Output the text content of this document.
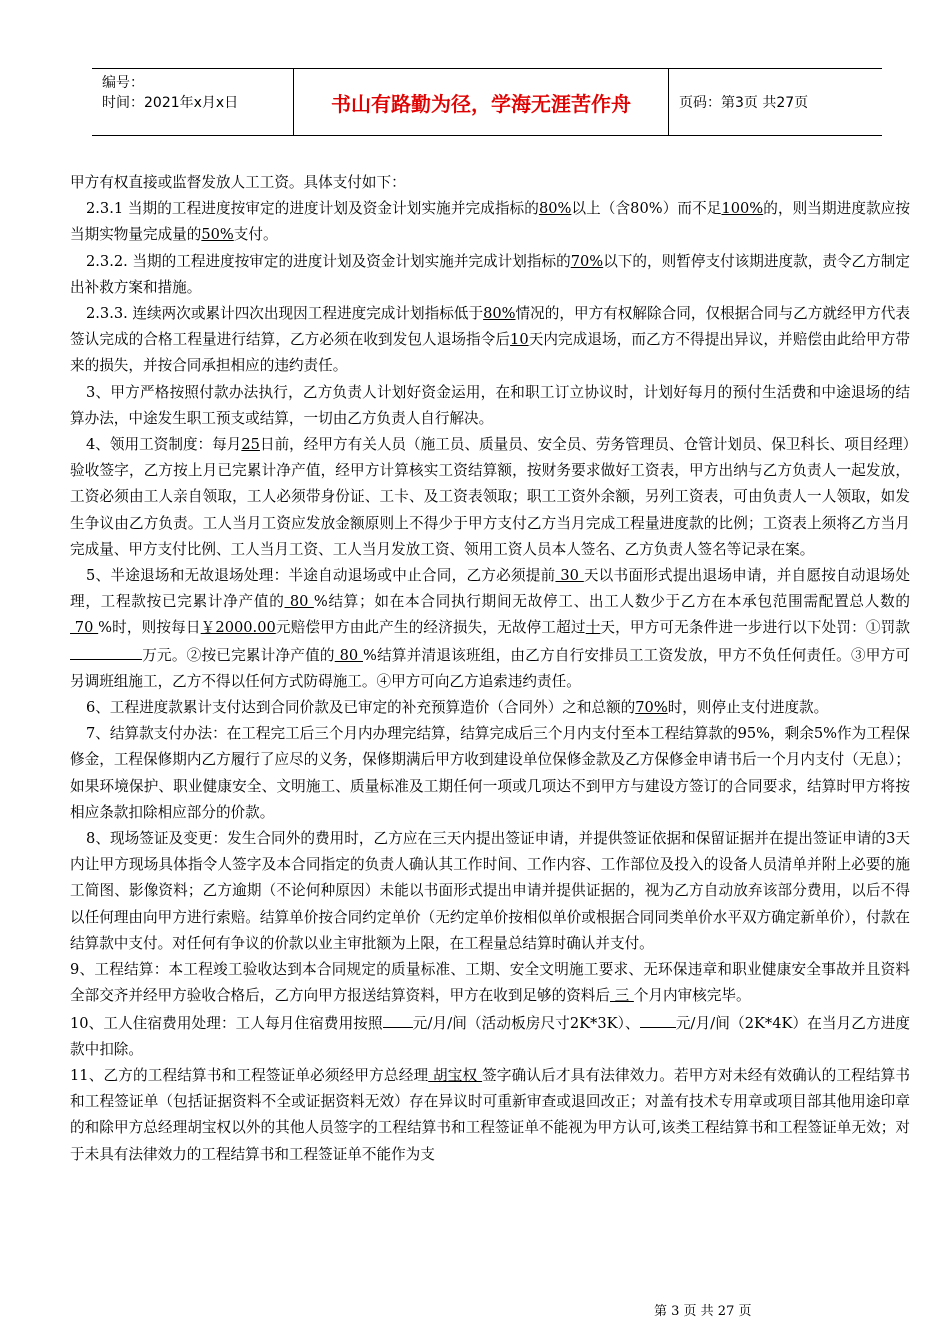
编号：
时间：2021年x月x日	书山有路勤为径，学海无涯苦作舟	页码：第3页 共27页

甲方有权直接或监督发放人工工资。具体支付如下：

2.3.1 当期的工程进度按审定的进度计划及资金计划实施并完成指标的80%以上（含80%）而不足100%的，则当期进度款应按当期实物量完成量的50%支付。

2.3.2. 当期的工程进度按审定的进度计划及资金计划实施并完成计划指标的70%以下的，则暂停支付该期进度款，责令乙方制定出补救方案和措施。

2.3.3. 连续两次或累计四次出现因工程进度完成计划指标低于80%情况的，甲方有权解除合同，仅根据合同与乙方就经甲方代表签认完成的合格工程量进行结算，乙方必须在收到发包人退场指令后10天内完成退场，而乙方不得提出异议，并赔偿由此给甲方带来的损失，并按合同承担相应的违约责任。

3、甲方严格按照付款办法执行，乙方负责人计划好资金运用，在和职工订立协议时，计划好每月的预付生活费和中途退场的结算办法，中途发生职工预支或结算，一切由乙方负责人自行解决。

4、领用工资制度：每月25日前，经甲方有关人员（施工员、质量员、安全员、劳务管理员、仓管计划员、保卫科长、项目经理）验收签字，乙方按上月已完累计净产值，经甲方计算核实工资结算额，按财务要求做好工资表，甲方出纳与乙方负责人一起发放，工资必须由工人亲自领取，工人必须带身份证、工卡、及工资表领取；职工工资外余额，另列工资表，可由负责人一人领取，如发生争议由乙方负责。工人当月工资应发放金额原则上不得少于甲方支付乙方当月完成工程量进度款的比例；工资表上须将乙方当月完成量、甲方支付比例、工人当月工资、工人当月发放工资、领用工资人员本人签名、乙方负责人签名等记录在案。

5、半途退场和无故退场处理：半途自动退场或中止合同，乙方必须提前 30 天以书面形式提出退场申请，并自愿按自动退场处理，工程款按已完累计净产值的 80 %结算；如在本合同执行期间无故停工、出工人数少于乙方在本承包范围需配置总人数的 70 %时，则按每日￥2000.00元赔偿甲方由此产生的经济损失，无故停工超过十天，甲方可无条件进一步进行以下处罚：①罚款万元。②按已完累计净产值的 80 %结算并清退该班组，由乙方自行安排员工工资发放，甲方不负任何责任。③甲方可另调班组施工，乙方不得以任何方式防碍施工。④甲方可向乙方追索违约责任。

6、工程进度款累计支付达到合同价款及已审定的补充预算造价（合同外）之和总额的70%时，则停止支付进度款。

7、结算款支付办法：在工程完工后三个月内办理完结算，结算完成后三个月内支付至本工程结算款的95%，剩余5%作为工程保修金，工程保修期内乙方履行了应尽的义务，保修期满后甲方收到建设单位保修金款及乙方保修金申请书后一个月内支付（无息）；如果环境保护、职业健康安全、文明施工、质量标准及工期任何一项或几项达不到甲方与建设方签订的合同要求，结算时甲方将按相应条款扣除相应部分的价款。

8、现场签证及变更：发生合同外的费用时，乙方应在三天内提出签证申请，并提供签证依据和保留证据并在提出签证申请的3天内让甲方现场具体指令人签字及本合同指定的负责人确认其工作时间、工作内容、工作部位及投入的设备人员清单并附上必要的施工简图、影像资料；乙方逾期（不论何种原因）未能以书面形式提出申请并提供证据的，视为乙方自动放弃该部分费用，以后不得以任何理由向甲方进行索赔。结算单价按合同约定单价（无约定单价按相似单价或根据合同同类单价水平双方确定新单价），付款在结算款中支付。对任何有争议的价款以业主审批额为上限，在工程量总结算时确认并支付。

9、工程结算：本工程竣工验收达到本合同规定的质量标准、工期、安全文明施工要求、无环保违章和职业健康安全事故并且资料全部交齐并经甲方验收合格后，乙方向甲方报送结算资料，甲方在收到足够的资料后 三 个月内审核完毕。

10、工人住宿费用处理：工人每月住宿费用按照 元/月/间（活动板房尺寸2K*3K）、 元/月/间（2K*4K）在当月乙方进度款中扣除。

11、乙方的工程结算书和工程签证单必须经甲方总经理 胡宝权 签字确认后才具有法律效力。若甲方对未经有效确认的工程结算书和工程签证单（包括证据资料不全或证据资料无效）存在异议时可重新审查或退回改正；对盖有技术专用章或项目部其他用途印章的和除甲方总经理胡宝权以外的其他人员签字的工程结算书和工程签证单不能视为甲方认可,该类工程结算书和工程签证单无效；对于未具有法律效力的工程结算书和工程签证单不能作为支

第 3 页 共 27 页
